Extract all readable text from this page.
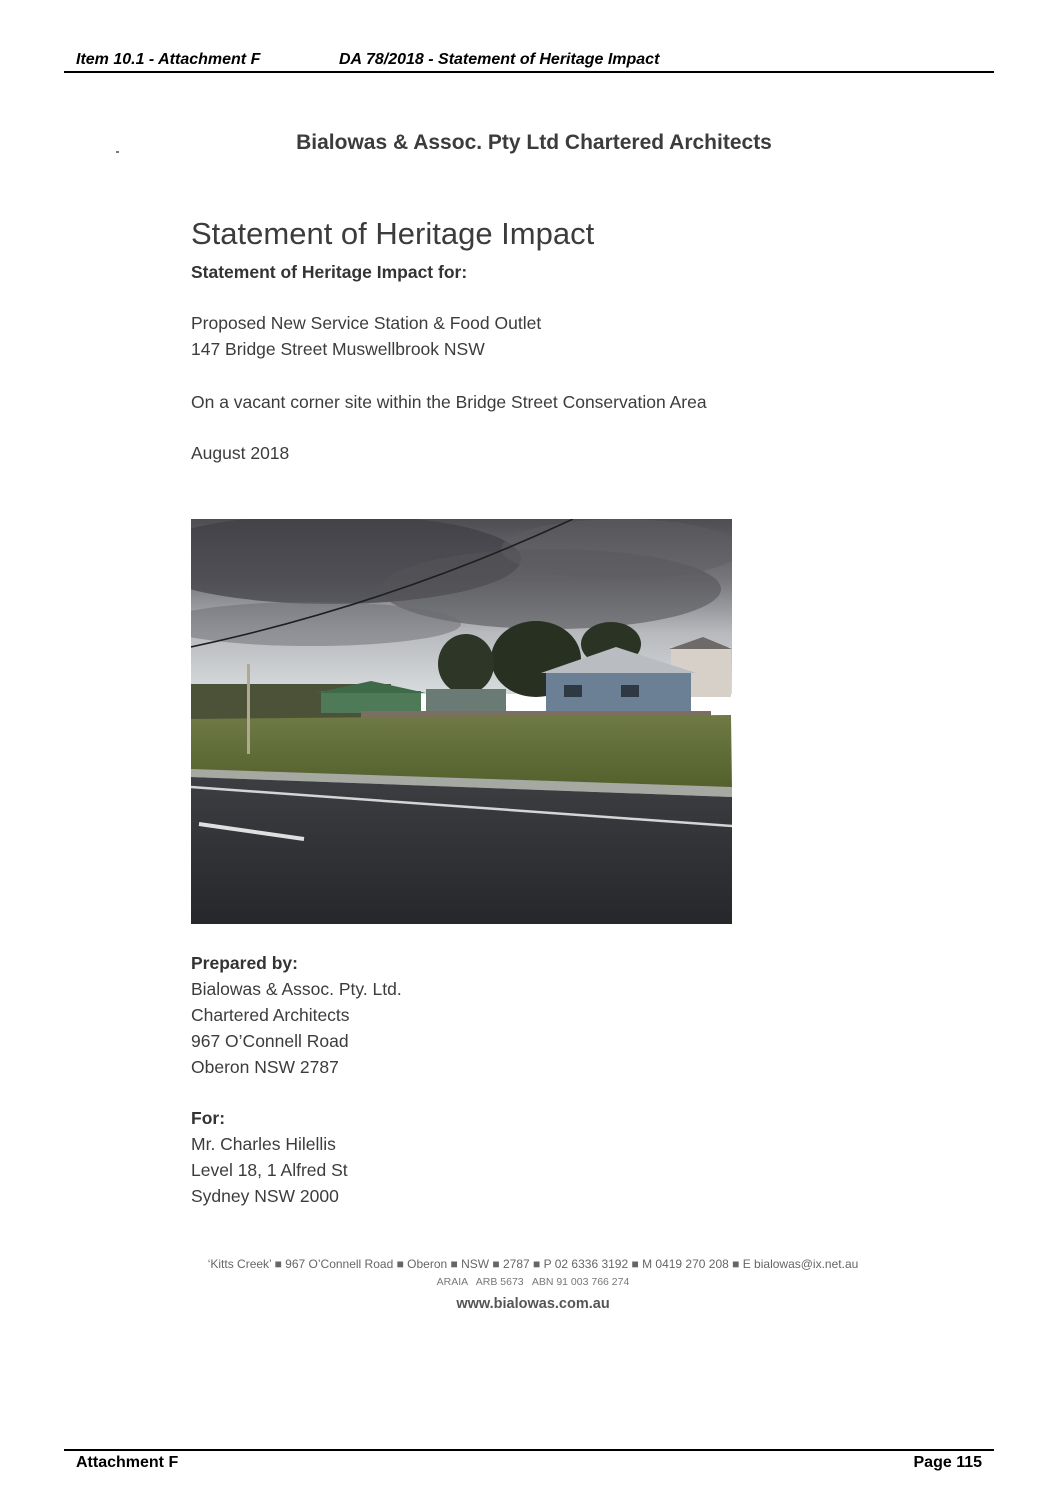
Item 10.1 - Attachment F	DA 78/2018 - Statement of Heritage Impact
Bialowas & Assoc. Pty Ltd Chartered Architects
Statement of Heritage Impact
Statement of Heritage Impact for:
Proposed New Service Station & Food Outlet
147 Bridge Street Muswellbrook NSW
On a vacant corner site within the Bridge Street Conservation Area
August 2018
Prepared by:
Bialowas & Assoc. Pty. Ltd.
Chartered Architects
967 O’Connell Road
Oberon NSW 2787
For:
Mr. Charles Hilellis
Level 18, 1 Alfred St
Sydney NSW 2000
‘Kitts Creek’ ■ 967 O’Connell Road ■ Oberon ■ NSW ■ 2787 ■ P 02 6336 3192 ■ M 0419 270 208 ■ E bialowas@ix.net.au
ARAIA   ARB 5673   ABN 91 003 766 274
www.bialowas.com.au
Attachment F	Page 115
